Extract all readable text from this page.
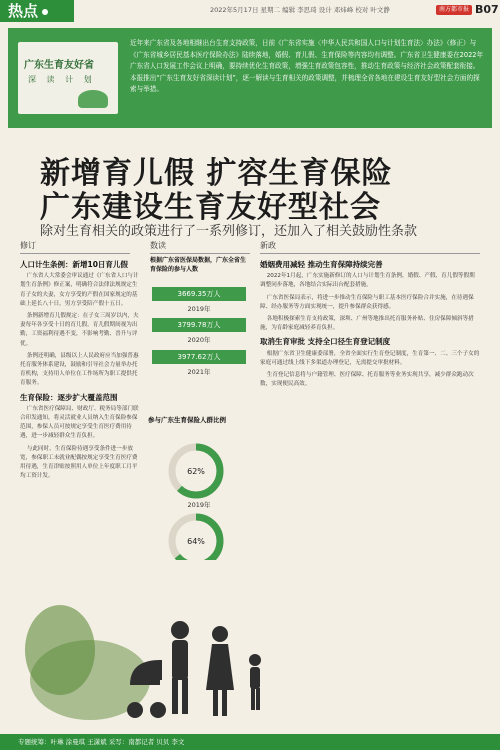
热点	2022年5月17日 星期二 编辑 李思琦 设计 邓炜峰 校对 叶文静	南方都市报 B07
广东生育友好省
深 读 计 划
近年来广东省及各地相继出台生育支持政策，日前《广东省实施〈中华人民共和国人口与计划生育法〉办法》（修正）与《广东省城乡居民基本医疗保险办法》陆续落地，婚假、育儿假、生育保险等内容均有调整。广东省卫生健康委在2022年广东省人口发展工作会议上明确，要持续优化生育政策，增强生育政策包容性，推动生育政策与经济社会政策配套衔接。本报推出“广东生育友好省深读计划”，逐一解读与生育相关的政策调整，并梳理全省各地在建设生育友好型社会方面的探索与举措。
新增育儿假 扩容生育保险
广东建设生育友好型社会
除对生育相关的政策进行了一系列修订，还加入了相关鼓励性条款
修订
人口计生条例：新增10日育儿假

广东省人大常委会审议通过《广东省人口与计划生育条例》修正案，明确符合法律法规规定生育子女的夫妻，女方享受的产假在国家规定的基础上延长八十日，男方享受陪产假十五日。

条例新增育儿假规定：在子女三周岁以内，夫妻每年各享受十日的育儿假。育儿假期间视为出勤，工资福利待遇不变，不影响考勤、晋升与评优。

条例还明确，县级以上人民政府应当加强普惠托育服务体系建设，鼓励和引导社会力量举办托育机构，支持用人单位在工作场所为职工提供托育服务。

生育保险：逐步扩大覆盖范围

广东省医疗保障局、财政厅、税务局等部门联合印发通知，将灵活就业人员纳入生育保险参保范围，参保人员可按规定享受生育医疗费用待遇，进一步减轻群众生育负担。

与此同时，生育保险待遇享受条件进一步放宽，参保职工未就业配偶按规定享受生育医疗费用待遇，生育津贴按照用人单位上年度职工月平均工资计发。

数读
根据广东省医保局数据，广东全省生育保险的参与人数
3669.35万人
2019年
3799.78万人
2020年
3977.62万人
2021年
参与广东生育保险人群比例
62%
2019年
64%
新政
婚姻费用减轻 推动生育保障持续完善

2022年1月起，广东实施新修订的人口与计划生育条例，婚假、产假、育儿假等假期调整同步落地，各地结合实际出台配套措施。

广东省医保局表示，将进一步推动生育保险与职工基本医疗保险合并实施，在待遇保障、经办服务等方面实现统一，提升参保群众获得感。

各地积极探索生育支持政策，深圳、广州等地推出托育服务补贴、住房保障倾斜等措施，为育龄家庭减轻养育负担。

取消生育审批 支持全口径生育登记制度

根据广东省卫生健康委部署，全省全面实行生育登记制度，生育第一、二、三个子女的家庭可通过线上线下多渠道办理登记，无需提交审批材料。

生育登记信息将与户籍管理、医疗保障、托育服务等业务实现共享，减少群众跑动次数，实现便民高效。

专题统筹：叶琳 涂曼琪 王潇斌 采写：南都记者 贝贝 李文
